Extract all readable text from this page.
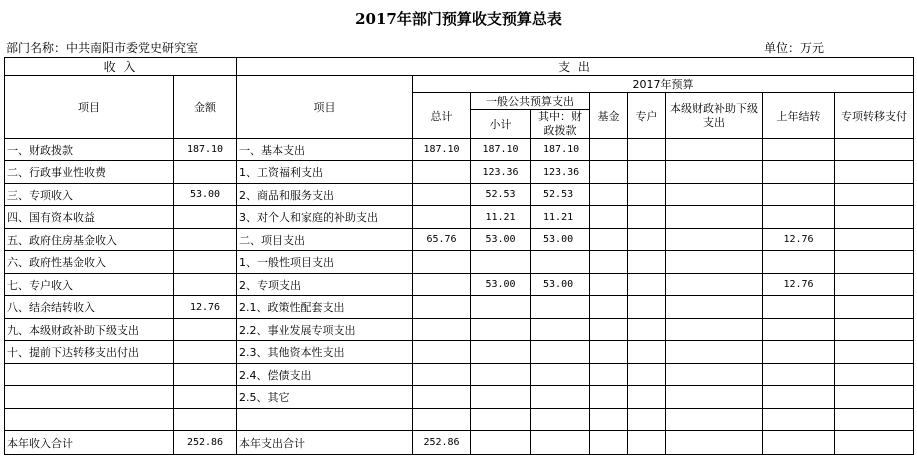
2017年部门预算收支预算总表
部门名称：中共南阳市委党史研究室	单位：万元
收 入		支 出								
项目	金额	项目	2017年预算							
			总计	一般公共预算支出		基金	专户	本级财政补助下级支出	上年结转	专项转移支付
				小计	其中：财政拨款					

一、财政拨款	187.10	一、基本支出	187.10	187.10	187.10					
二、行政事业性收费		1、工资福利支出		123.36	123.36					
三、专项收入	53.00	2、商品和服务支出		52.53	52.53					
四、国有资本收益		3、对个人和家庭的补助支出		11.21	11.21					
五、政府住房基金收入		二、项目支出	65.76	53.00	53.00				12.76	
六、政府性基金收入		1、一般性项目支出								
七、专户收入		2、专项支出		53.00	53.00				12.76	
八、结余结转收入	12.76	2.1、政策性配套支出								
九、本级财政补助下级支出		2.2、事业发展专项支出								
十、提前下达转移支出付出		2.3、其他资本性支出								
		2.4、偿债支出								
		2.5、其它								

本年收入合计	252.86	本年支出合计	252.86							
